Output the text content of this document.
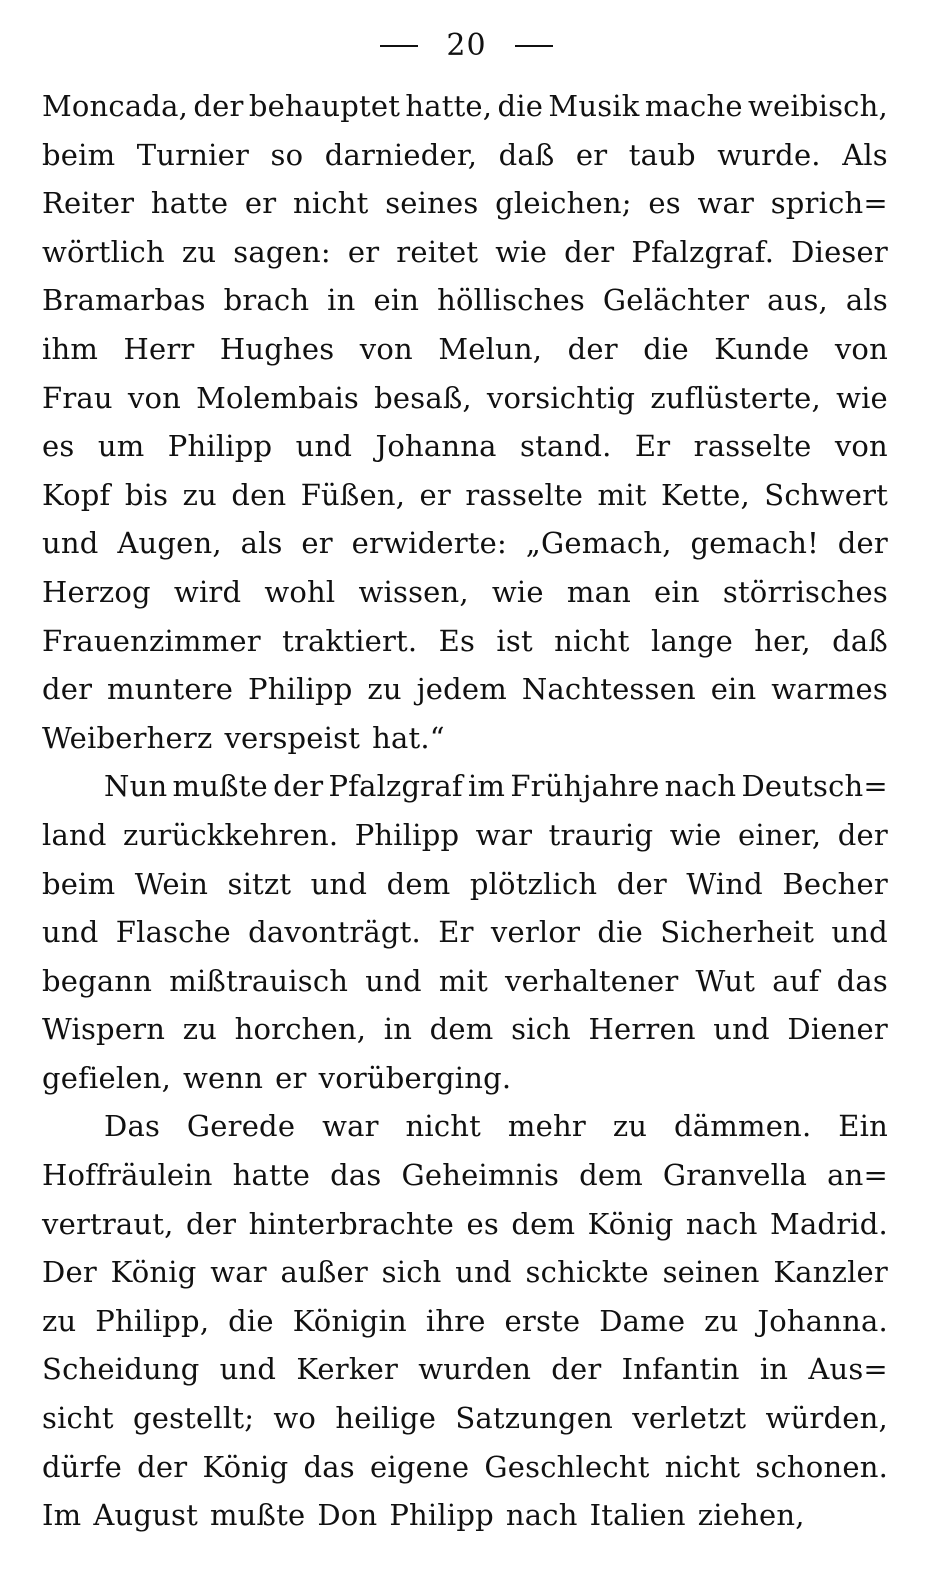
20
Moncada, der behauptet hatte, die Musik mache weibisch,
beim Turnier so darnieder, daß er taub wurde. Als
Reiter hatte er nicht seines gleichen; es war sprich=
wörtlich zu sagen: er reitet wie der Pfalzgraf. Dieser
Bramarbas brach in ein höllisches Gelächter aus, als
ihm Herr Hughes von Melun, der die Kunde von
Frau von Molembais besaß, vorsichtig zuflüsterte, wie
es um Philipp und Johanna stand. Er rasselte von
Kopf bis zu den Füßen, er rasselte mit Kette, Schwert
und Augen, als er erwiderte: „Gemach, gemach! der
Herzog wird wohl wissen, wie man ein störrisches
Frauenzimmer traktiert. Es ist nicht lange her, daß
der muntere Philipp zu jedem Nachtessen ein warmes
Weiberherz verspeist hat.“
Nun mußte der Pfalzgraf im Frühjahre nach Deutsch=
land zurückkehren. Philipp war traurig wie einer, der
beim Wein sitzt und dem plötzlich der Wind Becher
und Flasche davonträgt. Er verlor die Sicherheit und
begann mißtrauisch und mit verhaltener Wut auf das
Wispern zu horchen, in dem sich Herren und Diener
gefielen, wenn er vorüberging.
Das Gerede war nicht mehr zu dämmen. Ein
Hoffräulein hatte das Geheimnis dem Granvella an=
vertraut, der hinterbrachte es dem König nach Madrid.
Der König war außer sich und schickte seinen Kanzler
zu Philipp, die Königin ihre erste Dame zu Johanna.
Scheidung und Kerker wurden der Infantin in Aus=
sicht gestellt; wo heilige Satzungen verletzt würden,
dürfe der König das eigene Geschlecht nicht schonen.
Im August mußte Don Philipp nach Italien ziehen,
